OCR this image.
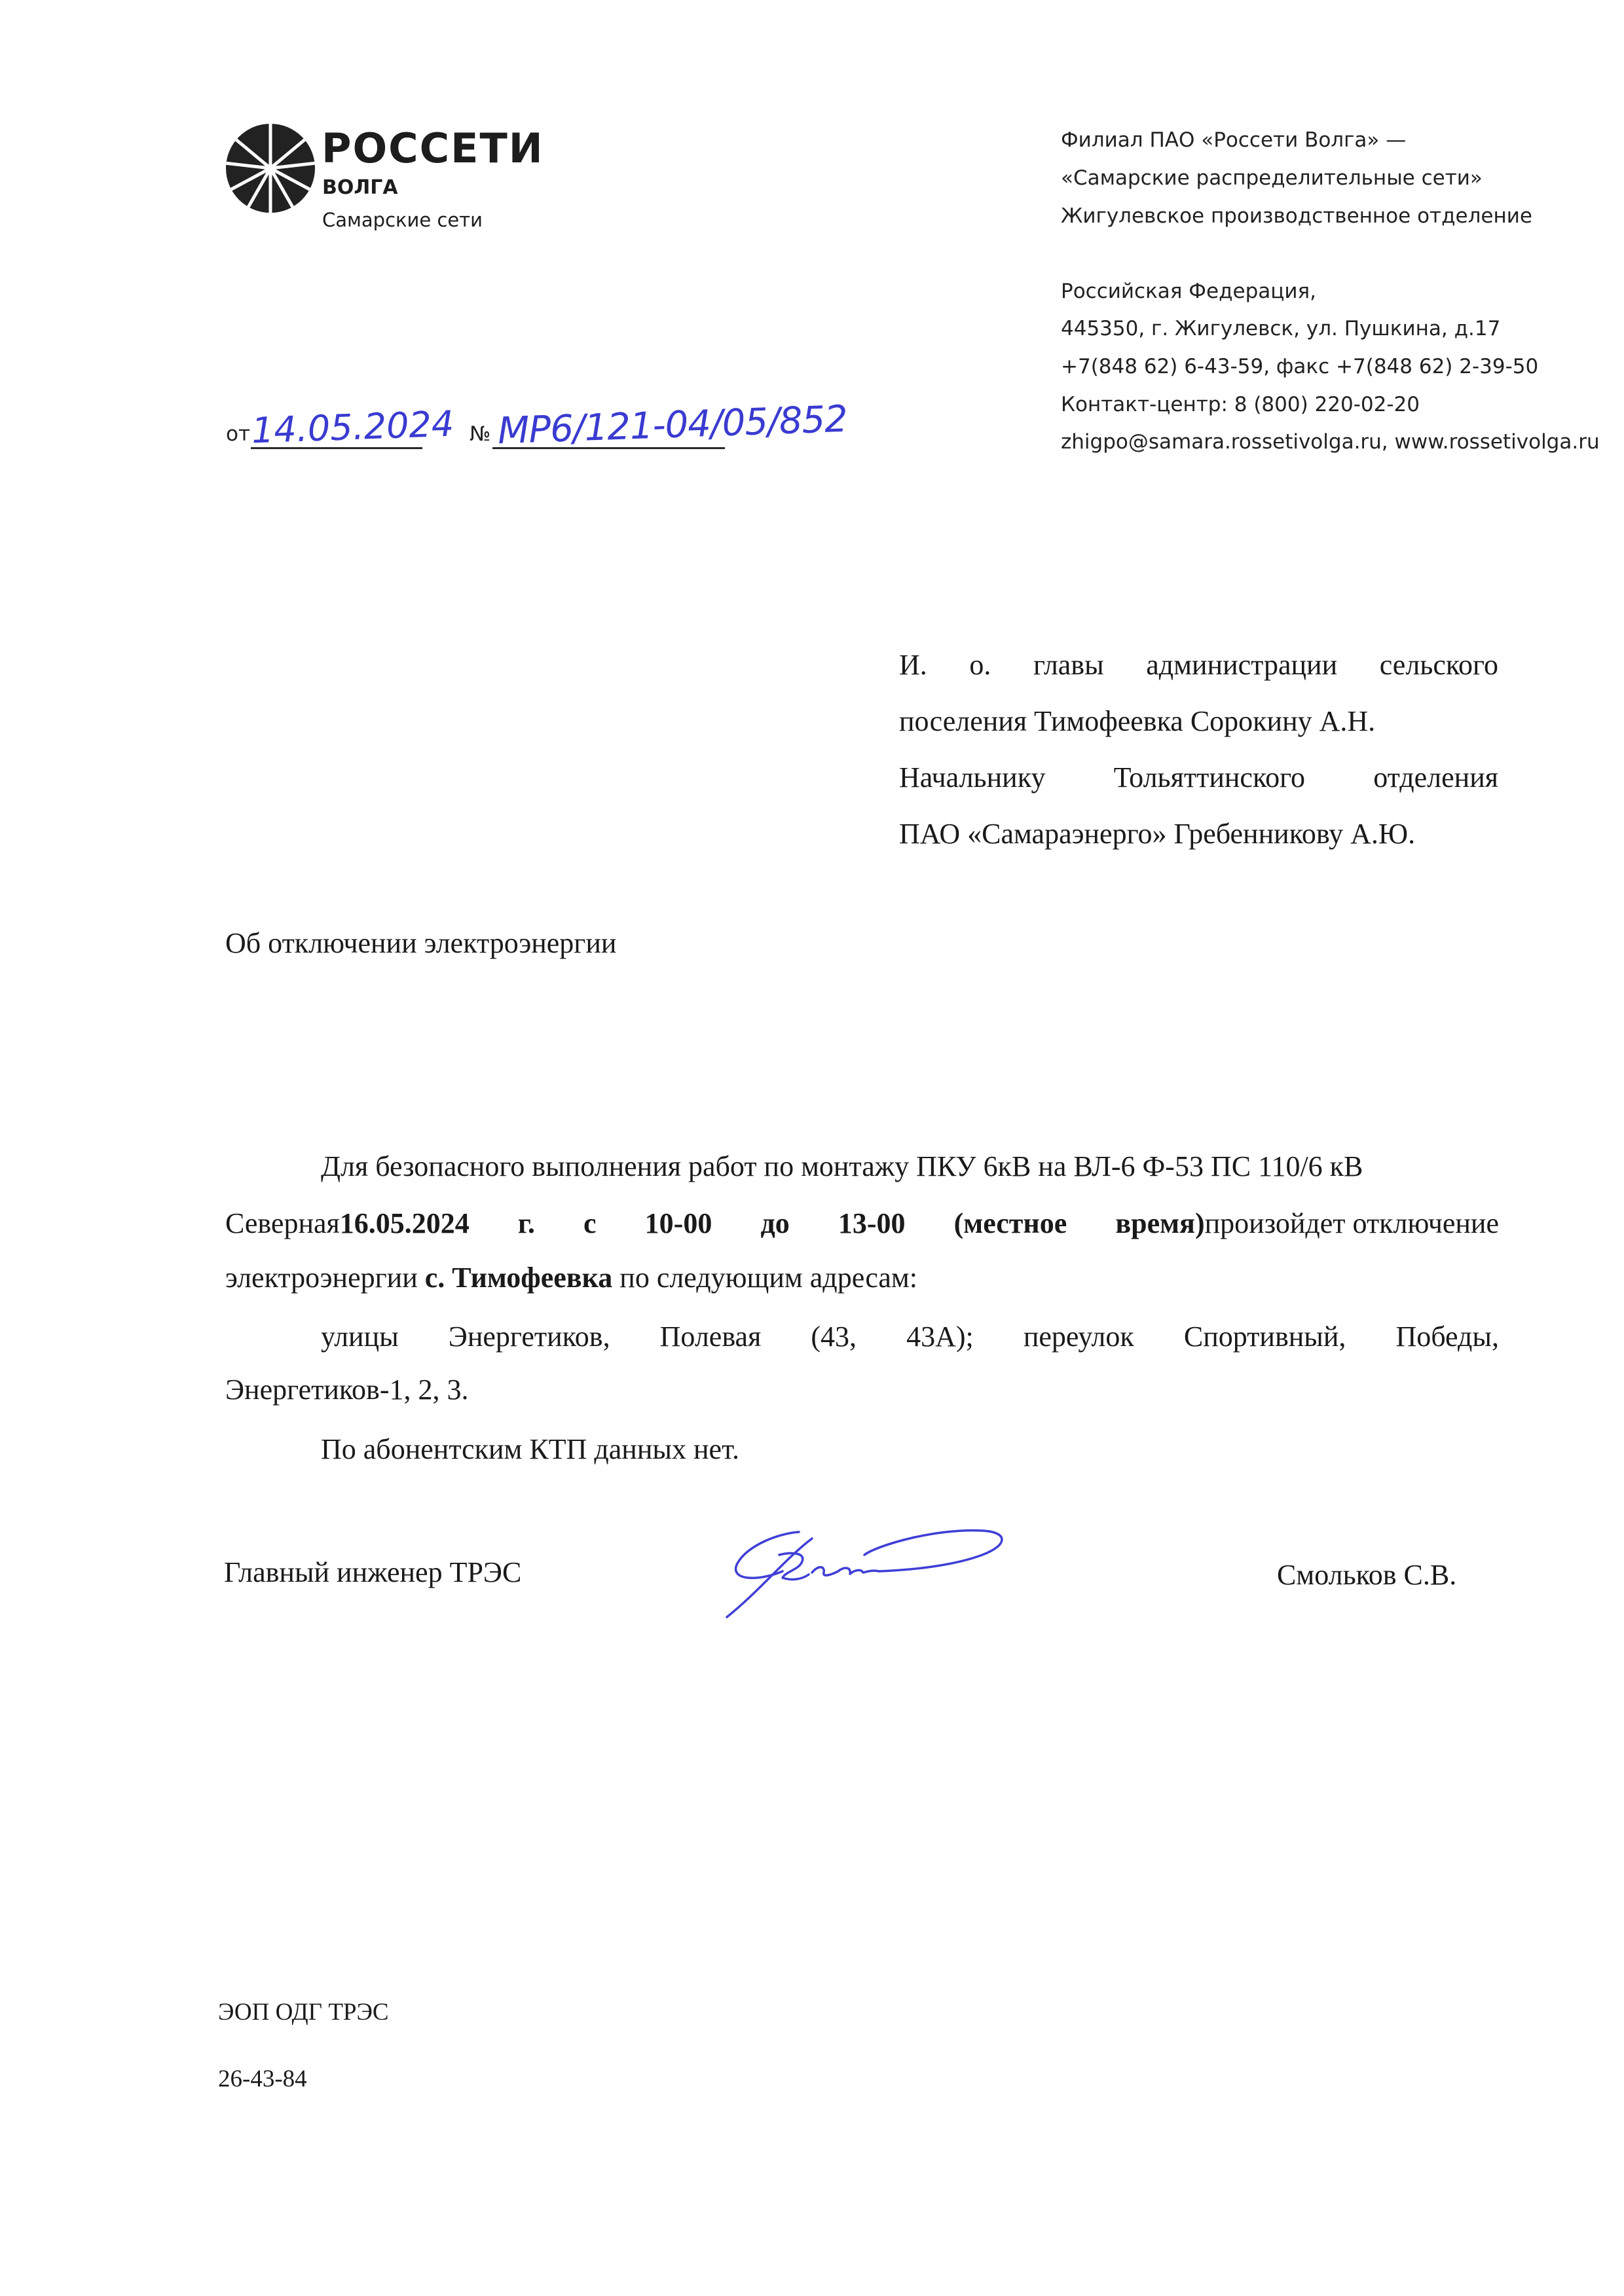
РОССЕТИ
ВОЛГА
Самарские сети
Филиал ПАО «Россети Волга» —
«Самарские распределительные сети»
Жигулевское производственное отделение
Российская Федерация,
445350, г. Жигулевск, ул. Пушкина, д.17
+7(848 62) 6-43-59, факс +7(848 62) 2-39-50
Контакт-центр: 8 (800) 220-02-20
zhigpo@samara.rossetivolga.ru, www.rossetivolga.ru
от 14.05.2024 № МР6/121-04/05/852
И. о. главы администрации сельского
поселения Тимофеевка Сорокину А.Н.
Начальнику Тольяттинского отделения
ПАО «Самараэнерго» Гребенникову А.Ю.
Об отключении электроэнергии
Для безопасного выполнения работ по монтажу ПКУ 6кВ на ВЛ-6 Ф-53 ПС 110/6 кВ
Северная 16.05.2024 г. с 10-00 до 13-00 (местное время) произойдет отключение
электроэнергии с. Тимофеевка по следующим адресам:
улицы Энергетиков, Полевая (43, 43А); переулок Спортивный, Победы,
Энергетиков-1, 2, 3.
По абонентским КТП данных нет.
Главный инженер ТРЭС	Смольков С.В.
ЭОП ОДГ ТРЭС
26-43-84
